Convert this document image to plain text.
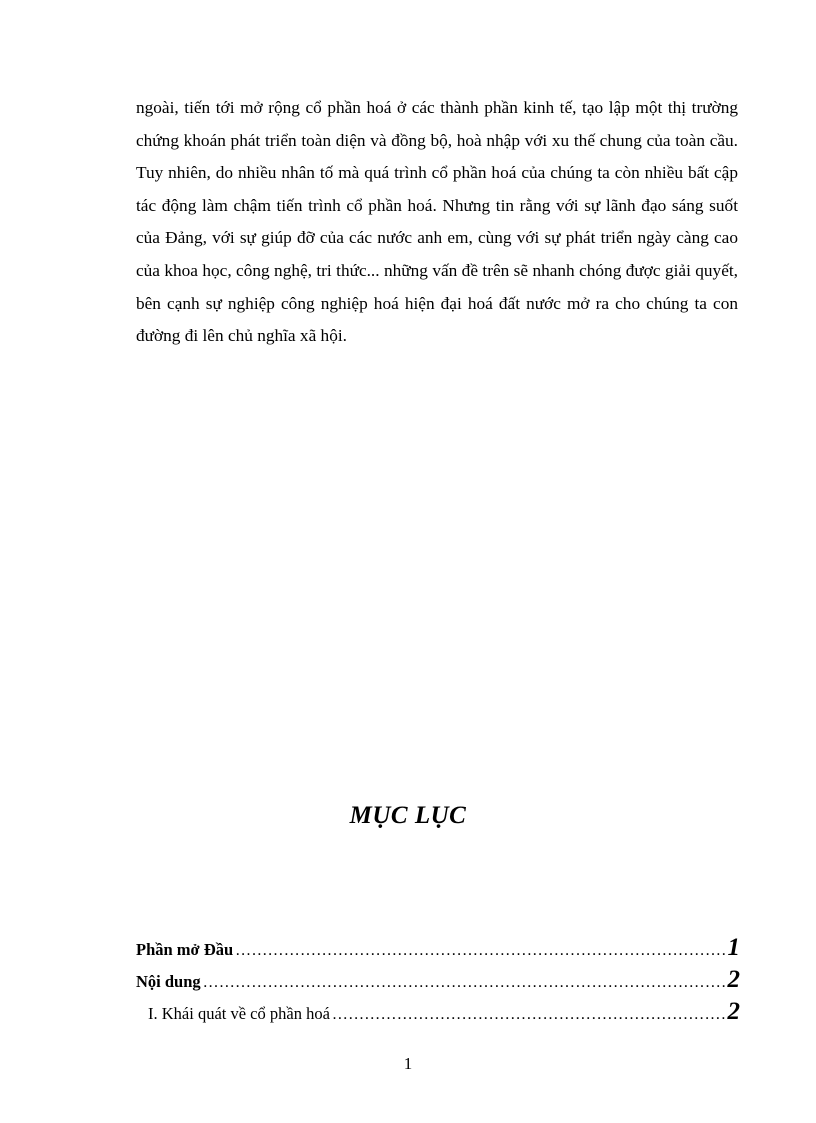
ngoài, tiến tới mở rộng cổ phần hoá ở các thành phần kinh tế, tạo lập một thị trường chứng khoán phát triển toàn diện và đồng bộ, hoà nhập với xu thế chung của toàn cầu. Tuy nhiên, do nhiều nhân tố mà quá trình cổ phần hoá của chúng ta còn nhiều bất cập tác động làm chậm tiến trình cổ phần hoá. Nhưng tin rằng với sự lãnh đạo sáng suốt của Đảng, với sự giúp đỡ của các nước anh em, cùng với sự phát triển ngày càng cao của khoa học, công nghệ, tri thức... những vấn đề trên sẽ nhanh chóng được giải quyết, bên cạnh sự nghiệp công nghiệp hoá hiện đại hoá đất nước mở ra cho chúng ta con đường đi lên chủ nghĩa xã hội.

MỤC LỤC
Phần mở Đầu ……………………………………………………………………………………………………………………………	1
Nội dung ……………………………………………………………………………………………………………………………	2
I. Khái quát về cổ phần hoá ……………………………………………………………………………………………………………………………	2
1
